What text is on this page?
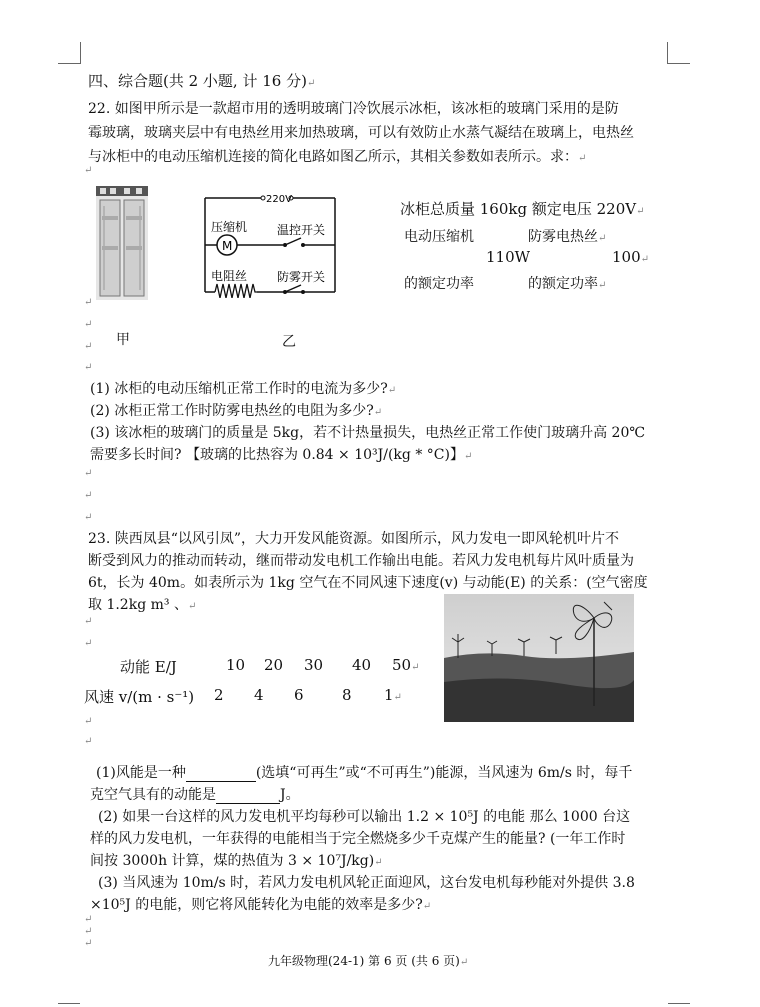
四、综合题(共 2 小题, 计 16 分)↵
22. 如图甲所示是一款超市用的透明玻璃门冷饮展示冰柜，该冰柜的玻璃门采用的是防
霉玻璃，玻璃夹层中有电热丝用来加热玻璃，可以有效防止水蒸气凝结在玻璃上，电热丝
与冰柜中的电动压缩机连接的简化电路如图乙所示，其相关参数如表所示。求：↵
↵
220V
M
压缩机 温控开关
电阻丝 防雾开关
冰柜总质量 160kg 额定电压 220V↵
电动压缩机	防雾电热丝↵
110W	100↵
的额定功率	的额定功率↵
↵
↵
甲	乙
↵
↵
(1) 冰柜的电动压缩机正常工作时的电流为多少?↵
(2) 冰柜正常工作时防雾电热丝的电阻为多少?↵
(3) 该冰柜的玻璃门的质量是 5kg，若不计热量损失，电热丝正常工作使门玻璃升高 20℃
需要多长时间? 【玻璃的比热容为 0.84 × 10³J/(kg * °C)】↵
↵
↵
↵
23. 陕西凤县“以风引凤”，大力开发风能资源。如图所示，风力发电一即风轮机叶片不
断受到风力的推动而转动，继而带动发电机工作输出电能。若风力发电机每片风叶质量为
6t，长为 40m。如表所示为 1kg 空气在不同风速下速度(v) 与动能(E) 的关系：(空气密度
取 1.2kg m³ 、↵
↵
↵
动能 E/J	10 20 30 40 50↵
风速 v/(m · s⁻¹) 2 4 6	8 1↵
↵
↵
(1)风能是一种	(选填“可再生”或“不可再生”)能源，当风速为 6m/s 时，每千
克空气具有的动能是	J。
(2) 如果一台这样的风力发电机平均每秒可以输出 1.2 × 10⁵J 的电能 那么 1000 台这
样的风力发电机，一年获得的电能相当于完全燃烧多少千克煤产生的能量? (一年工作时
间按 3000h 计算，煤的热值为 3 × 10⁷J/kg)↵
(3) 当风速为 10m/s 时，若风力发电机风轮正面迎风，这台发电机每秒能对外提供 3.8
×10⁵J 的电能，则它将风能转化为电能的效率是多少?↵
↵
↵
↵
九年级物理(24-1) 第 6 页 (共 6 页)↵
